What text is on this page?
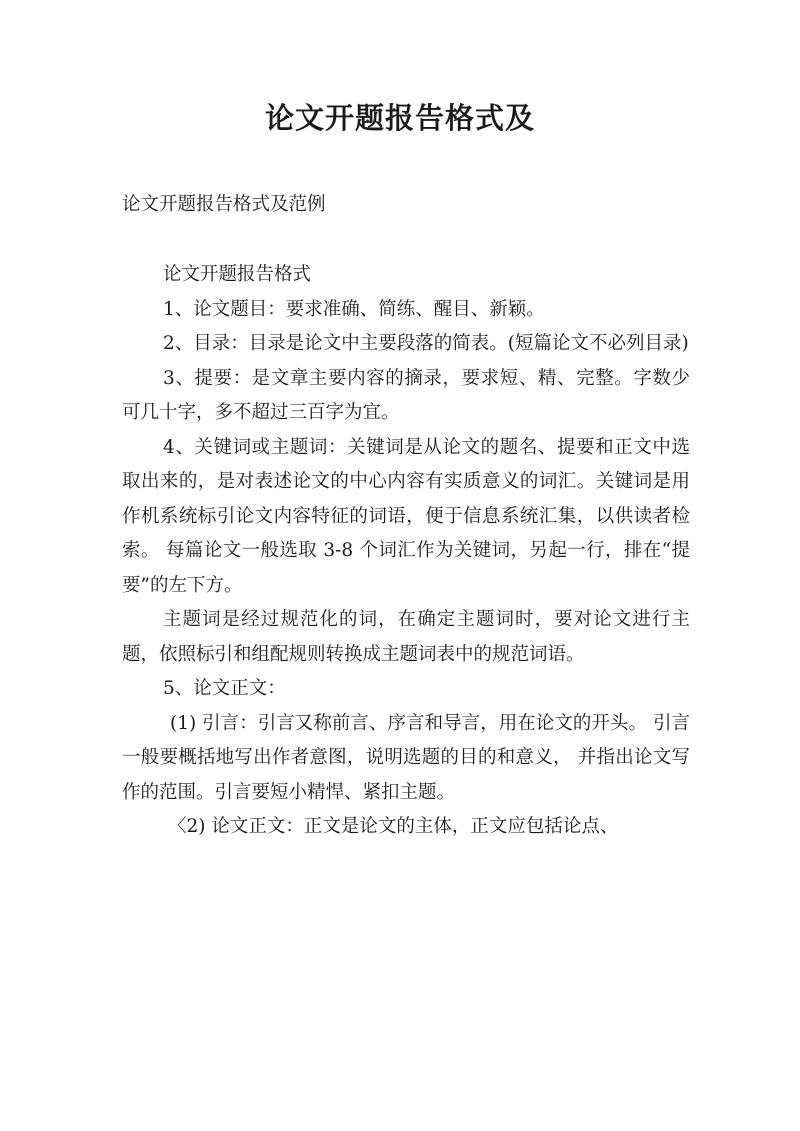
论文开题报告格式及
论文开题报告格式及范例

论文开题报告格式

1、论文题目：要求准确、简练、醒目、新颖。

2、目录：目录是论文中主要段落的简表。(短篇论文不必列目录)

3、提要：是文章主要内容的摘录，要求短、精、完整。字数少可几十字，多不超过三百字为宜。

4、关键词或主题词：关键词是从论文的题名、提要和正文中选取出来的，是对表述论文的中心内容有实质意义的词汇。关键词是用作机系统标引论文内容特征的词语，便于信息系统汇集，以供读者检索。 每篇论文一般选取 3-8 个词汇作为关键词，另起一行，排在“提要”的左下方。

主题词是经过规范化的词，在确定主题词时，要对论文进行主题，依照标引和组配规则转换成主题词表中的规范词语。

5、论文正文：

(1) 引言：引言又称前言、序言和导言，用在论文的开头。 引言一般要概括地写出作者意图，说明选题的目的和意义， 并指出论文写作的范围。引言要短小精悍、紧扣主题。

〈2) 论文正文：正文是论文的主体，正文应包括论点、
